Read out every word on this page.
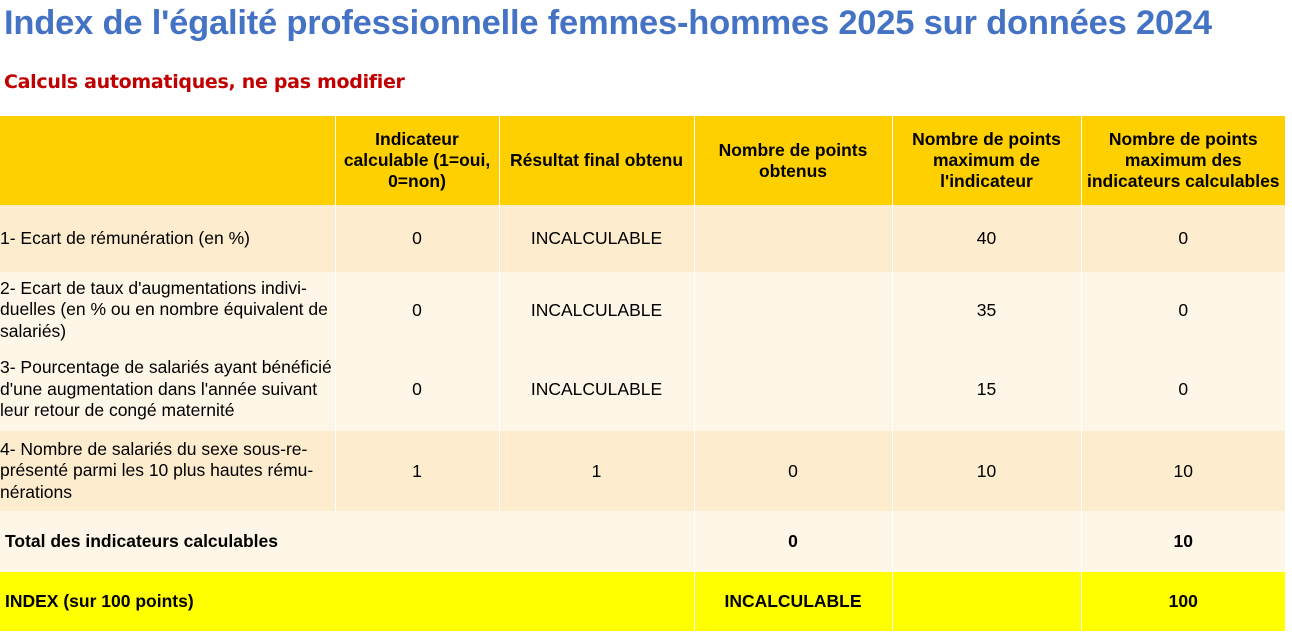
Index de l'égalité professionnelle femmes-hommes 2025 sur données 2024
Calculs automatiques, ne pas modifier
	Indicateur calculable (1=oui, 0=non)	Résultat final obtenu	Nombre de points obtenus	Nombre de points maximum de l'indicateur	Nombre de points maximum des indicateurs calculables
1- Ecart de rémunération (en %)	0	INCALCULABLE		40	0
2- Ecart de taux d'augmentations individuelles (en % ou en nombre équivalent de salariés)	0	INCALCULABLE		35	0
3- Pourcentage de salariés ayant bénéficié d'une augmentation dans l'année suivant leur retour de congé maternité	0	INCALCULABLE		15	0
4- Nombre de salariés du sexe sous-représenté parmi les 10 plus hautes rémunérations	1	1	0	10	10
Total des indicateurs calculables			0		10

INDEX (sur 100 points)			INCALCULABLE		100
